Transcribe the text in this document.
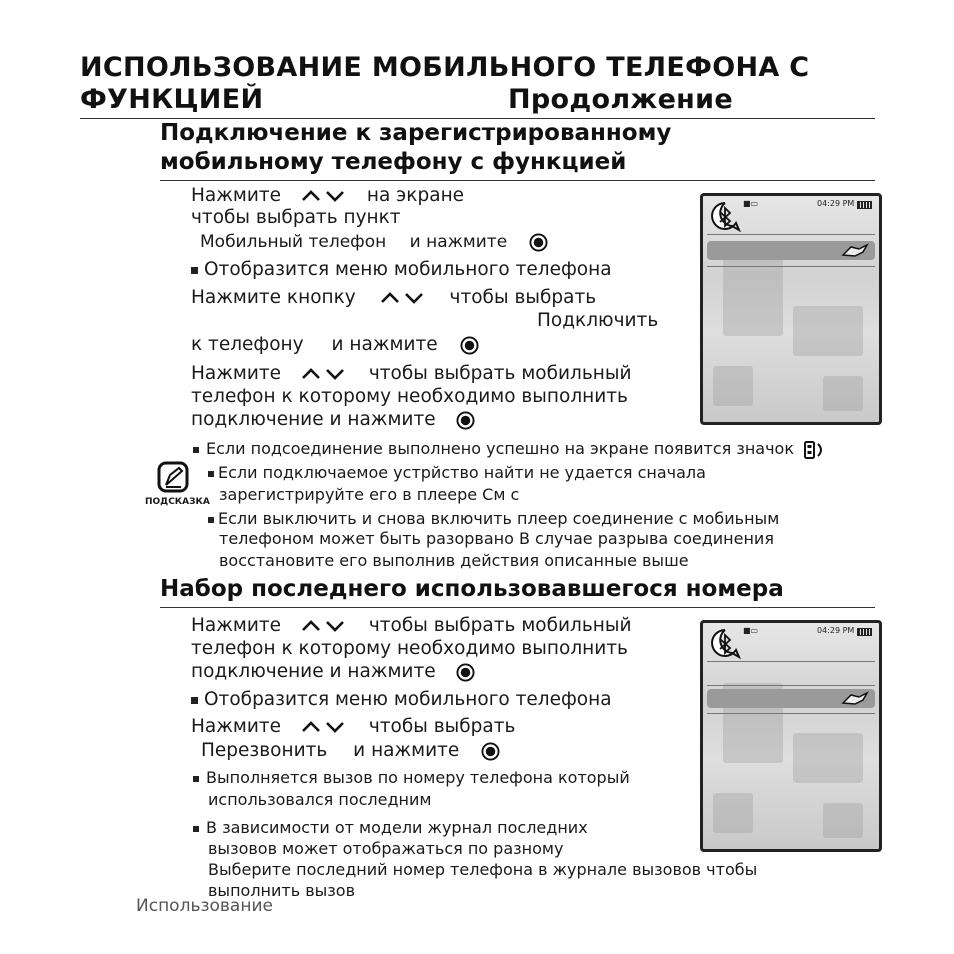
ИСПОЛЬЗОВАНИЕ МОБИЛЬНОГО ТЕЛЕФОНА С
ФУНКЦИЕЙ	Продолжение
Подключение к зарегистрированному
мобильному телефону с функцией
Нажмите	на экране
чтобы выбрать пункт
Мобильный телефон и нажмите
Отобразится меню мобильного телефона
Нажмите кнопку	чтобы выбрать
Подключить
к телефону и нажмите
Нажмите	чтобы выбрать мобильный
телефон к которому необходимо выполнить
подключение и нажмите
Если подсоединение выполнено успешно на экране появится значок
ПОДСКАЗКА
Если подключаемое устрйство найти не удается сначала
зарегистрируйте его в плеере См с
Если выключить и снова включить плеер соединение с мобиьным
телефоном может быть разорвано В случае разрыва соединения
восстановите его выполнив действия описанные выше
Набор последнего использовавшегося номера
Нажмите	чтобы выбрать мобильный
телефон к которому необходимо выполнить
подключение и нажмите
Отобразится меню мобильного телефона
Нажмите	чтобы выбрать
Перезвонить и нажмите
Выполняется вызов по номеру телефона который
использовался последним
В зависимости от модели журнал последних
вызовов может отображаться по разному
Выберите последний номер телефона в журнале вызовов чтобы
выполнить вызов
Использование
■▭	04:29 PM
■▭	04:29 PM
